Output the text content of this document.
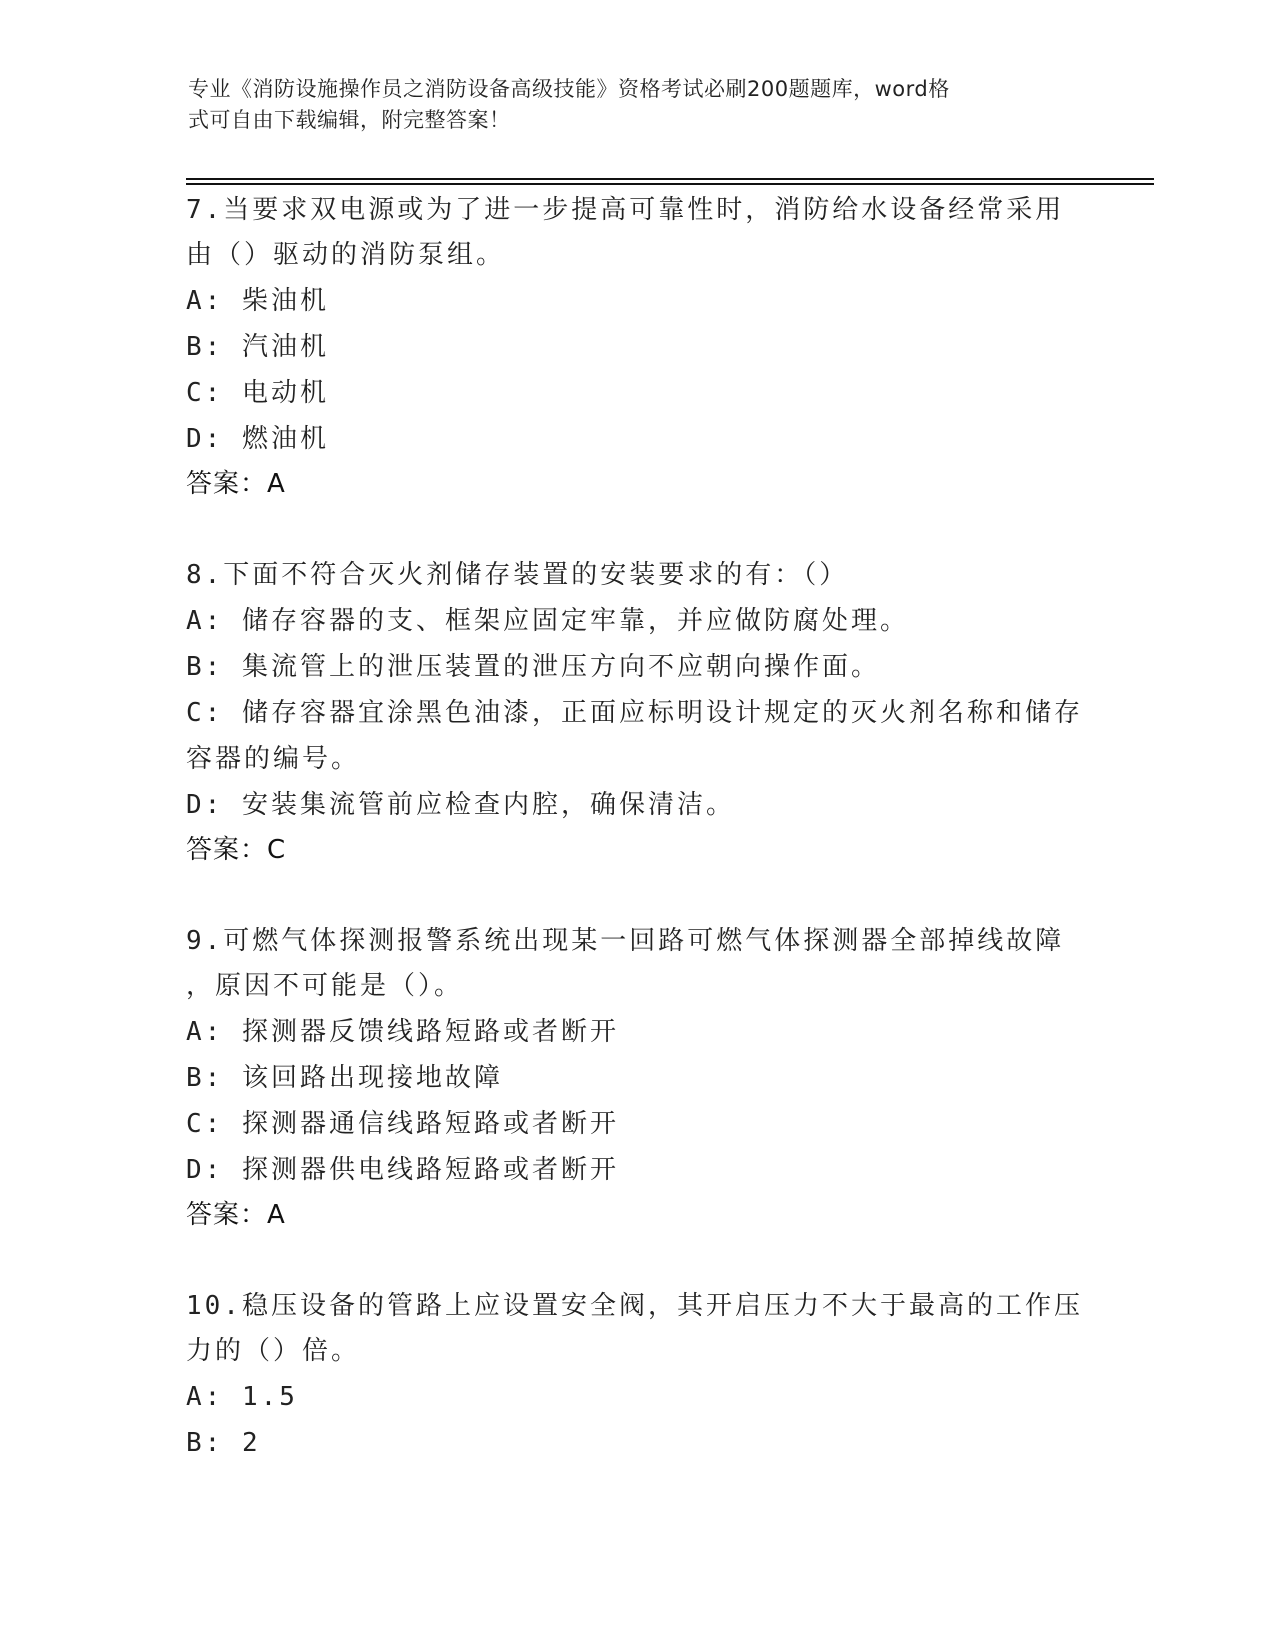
专业《消防设施操作员之消防设备高级技能》资格考试必刷200题题库，word格
式可自由下载编辑，附完整答案！
7.当要求双电源或为了进一步提高可靠性时，消防给水设备经常采用
由（）驱动的消防泵组。
A: 柴油机
B: 汽油机
C: 电动机
D: 燃油机
答案：A
8.下面不符合灭火剂储存装置的安装要求的有：（）
A: 储存容器的支、框架应固定牢靠，并应做防腐处理。
B: 集流管上的泄压装置的泄压方向不应朝向操作面。
C: 储存容器宜涂黑色油漆，正面应标明设计规定的灭火剂名称和储存
容器的编号。
D: 安装集流管前应检查内腔，确保清洁。
答案：C
9.可燃气体探测报警系统出现某一回路可燃气体探测器全部掉线故障
，原因不可能是（）。
A: 探测器反馈线路短路或者断开
B: 该回路出现接地故障
C: 探测器通信线路短路或者断开
D: 探测器供电线路短路或者断开
答案：A
10.稳压设备的管路上应设置安全阀，其开启压力不大于最高的工作压
力的（）倍。
A: 1.5
B: 2
